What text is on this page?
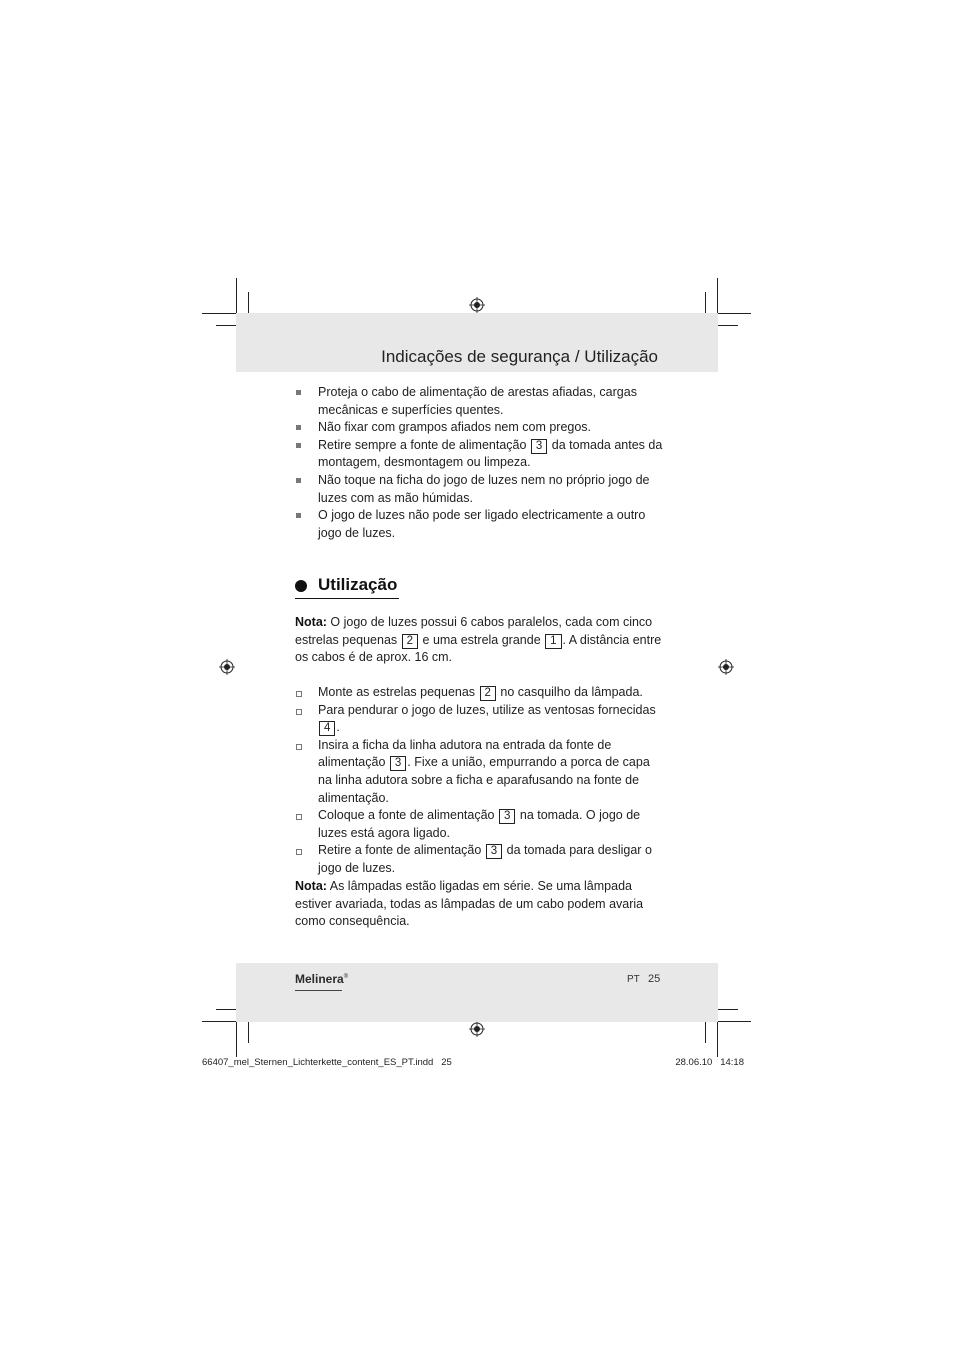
Indicações de segurança / Utilização
Proteja o cabo de alimentação de arestas afiadas, cargas mecânicas e superfícies quentes.
Não fixar com grampos afiados nem com pregos.
Retire sempre a fonte de alimentação 3 da tomada antes da montagem, desmontagem ou limpeza.
Não toque na ficha do jogo de luzes nem no próprio jogo de luzes com as mão húmidas.
O jogo de luzes não pode ser ligado electricamente a outro jogo de luzes.
Utilização
Nota: O jogo de luzes possui 6 cabos paralelos, cada com cinco estrelas pequenas 2 e uma estrela grande 1 . A distância entre os cabos é de aprox. 16 cm.
Monte as estrelas pequenas 2 no casquilho da lâmpada.
Para pendurar o jogo de luzes, utilize as ventosas fornecidas 4 .
Insira a ficha da linha adutora na entrada da fonte de alimentação 3 . Fixe a união, empurrando a porca de capa na linha adutora sobre a ficha e aparafusando na fonte de alimentação.
Coloque a fonte de alimentação 3 na tomada. O jogo de luzes está agora ligado.
Retire a fonte de alimentação 3 da tomada para desligar o jogo de luzes.
Nota: As lâmpadas estão ligadas em série. Se uma lâmpada estiver avariada, todas as lâmpadas de um cabo podem avaria como consequência.
Melinera®	PT 25
66407_mel_Sternen_Lichterkette_content_ES_PT.indd   25	28.06.10   14:18
